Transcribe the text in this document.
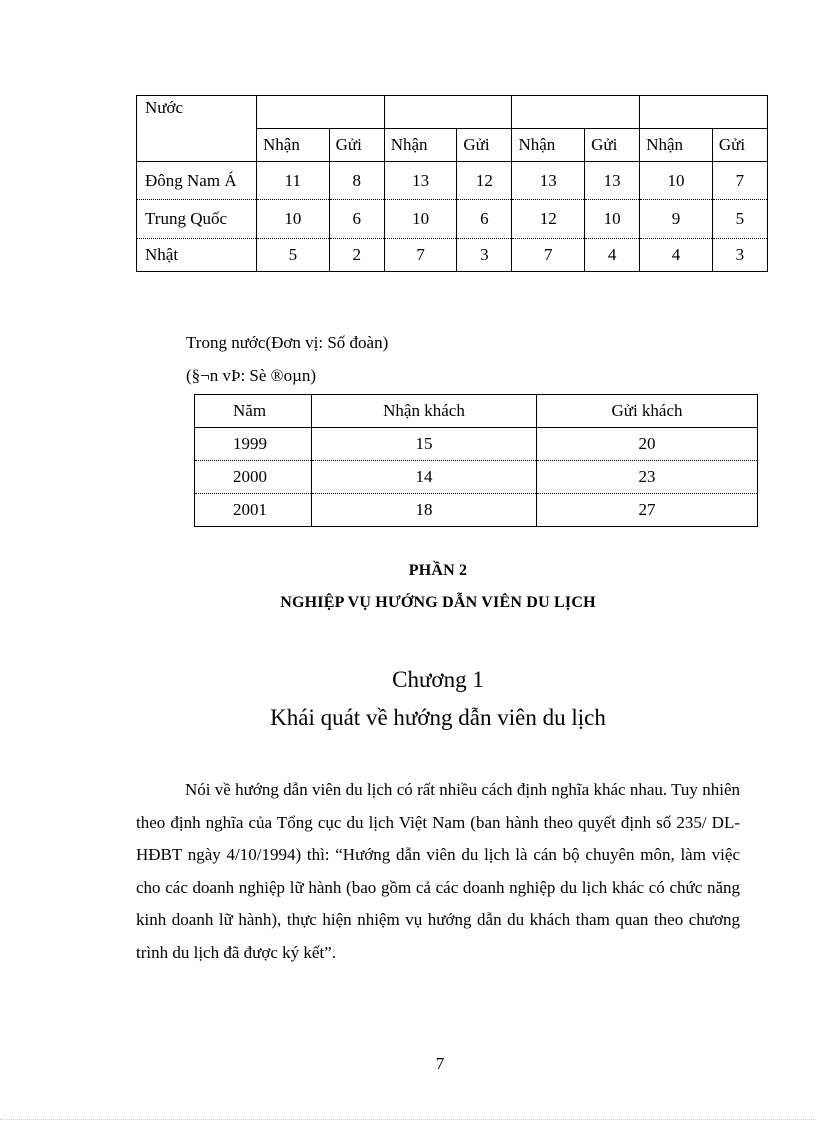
Nước								
	Nhận	Gửi	Nhận	Gửi	Nhận	Gửi	Nhận	Gửi
Đông Nam Á	11	8	13	12	13	13	10	7
Trung Quốc	10	6	10	6	12	10	9	5
Nhật	5	2	7	3	7	4	4	3
Trong nước(Đơn vị: Số đoàn)
(§¬n vÞ: Sè ®oµn)
Năm	Nhận khách	Gửi khách
1999	15	20
2000	14	23
2001	18	27
PHẦN 2
NGHIỆP VỤ HƯỚNG DẪN VIÊN DU LỊCH
Chương 1
Khái quát về hướng dẫn viên du lịch
Nói về hướng dẫn viên du lịch có rất nhiều cách định nghĩa khác nhau. Tuy nhiên theo định nghĩa của Tổng cục du lịch Việt Nam (ban hành theo quyết định số 235/ DL-HĐBT ngày 4/10/1994) thì: “Hướng dẫn viên du lịch là cán bộ chuyên môn, làm việc cho các doanh nghiệp lữ hành (bao gồm cả các doanh nghiệp du lịch khác có chức năng kinh doanh lữ hành), thực hiện nhiệm vụ hướng dẫn du khách tham quan theo chương trình du lịch đã được ký kết”.
7
